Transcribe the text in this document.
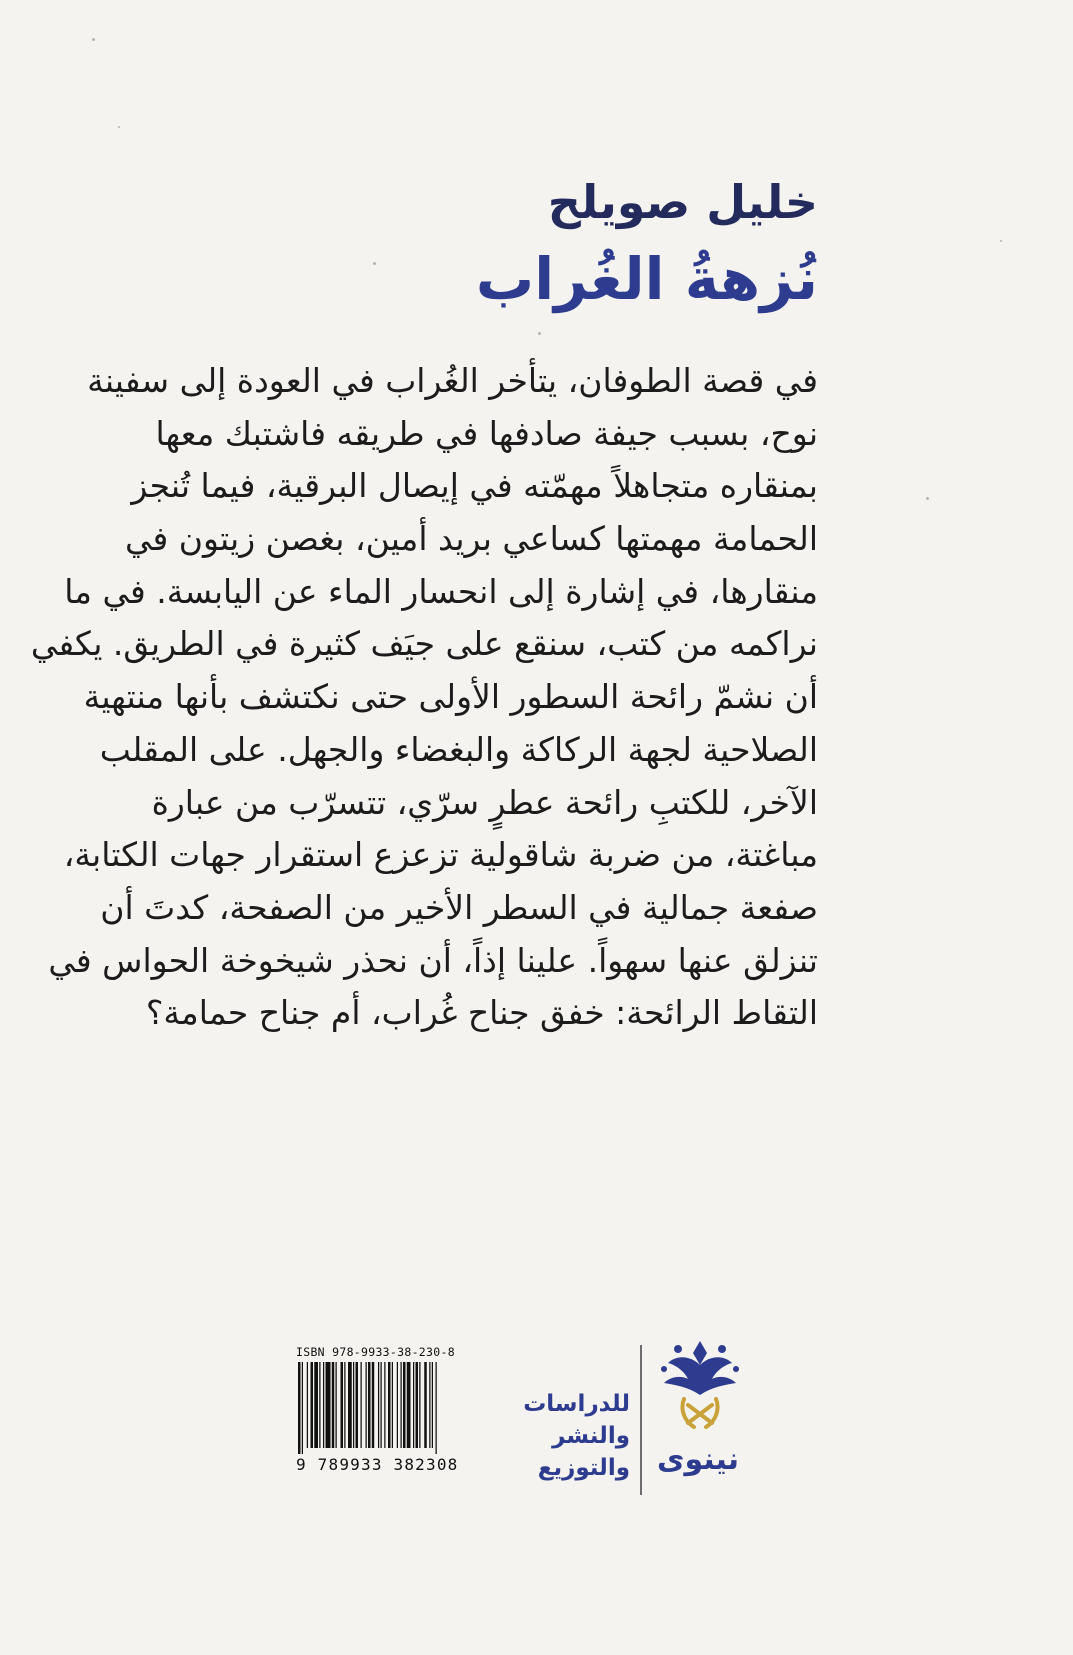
خليل صويلح
نُزهةُ الغُراب
في قصة الطوفان، يتأخر الغُراب في العودة إلى سفينة
نوح، بسبب جيفة صادفها في طريقه فاشتبك معها
بمنقاره متجاهلاً مهمّته في إيصال البرقية، فيما تُنجز
الحمامة مهمتها كساعي بريد أمين، بغصن زيتون في
منقارها، في إشارة إلى انحسار الماء عن اليابسة. في ما
نراكمه من كتب، سنقع على جيَف كثيرة في الطريق. يكفي
أن نشمّ رائحة السطور الأولى حتى نكتشف بأنها منتهية
الصلاحية لجهة الركاكة والبغضاء والجهل. على المقلب
الآخر، للكتبِ رائحة عطرٍ سرّي، تتسرّب من عبارة
مباغتة، من ضربة شاقولية تزعزع استقرار جهات الكتابة،
صفعة جمالية في السطر الأخير من الصفحة، كدتَ أن
تنزلق عنها سهواً. علينا إذاً، أن نحذر شيخوخة الحواس في
التقاط الرائحة: خفق جناح غُراب، أم جناح حمامة؟
ISBN 978-9933-38-230-8
9 789933 382308
للدراسات
والنشر
والتوزيع نينوى
